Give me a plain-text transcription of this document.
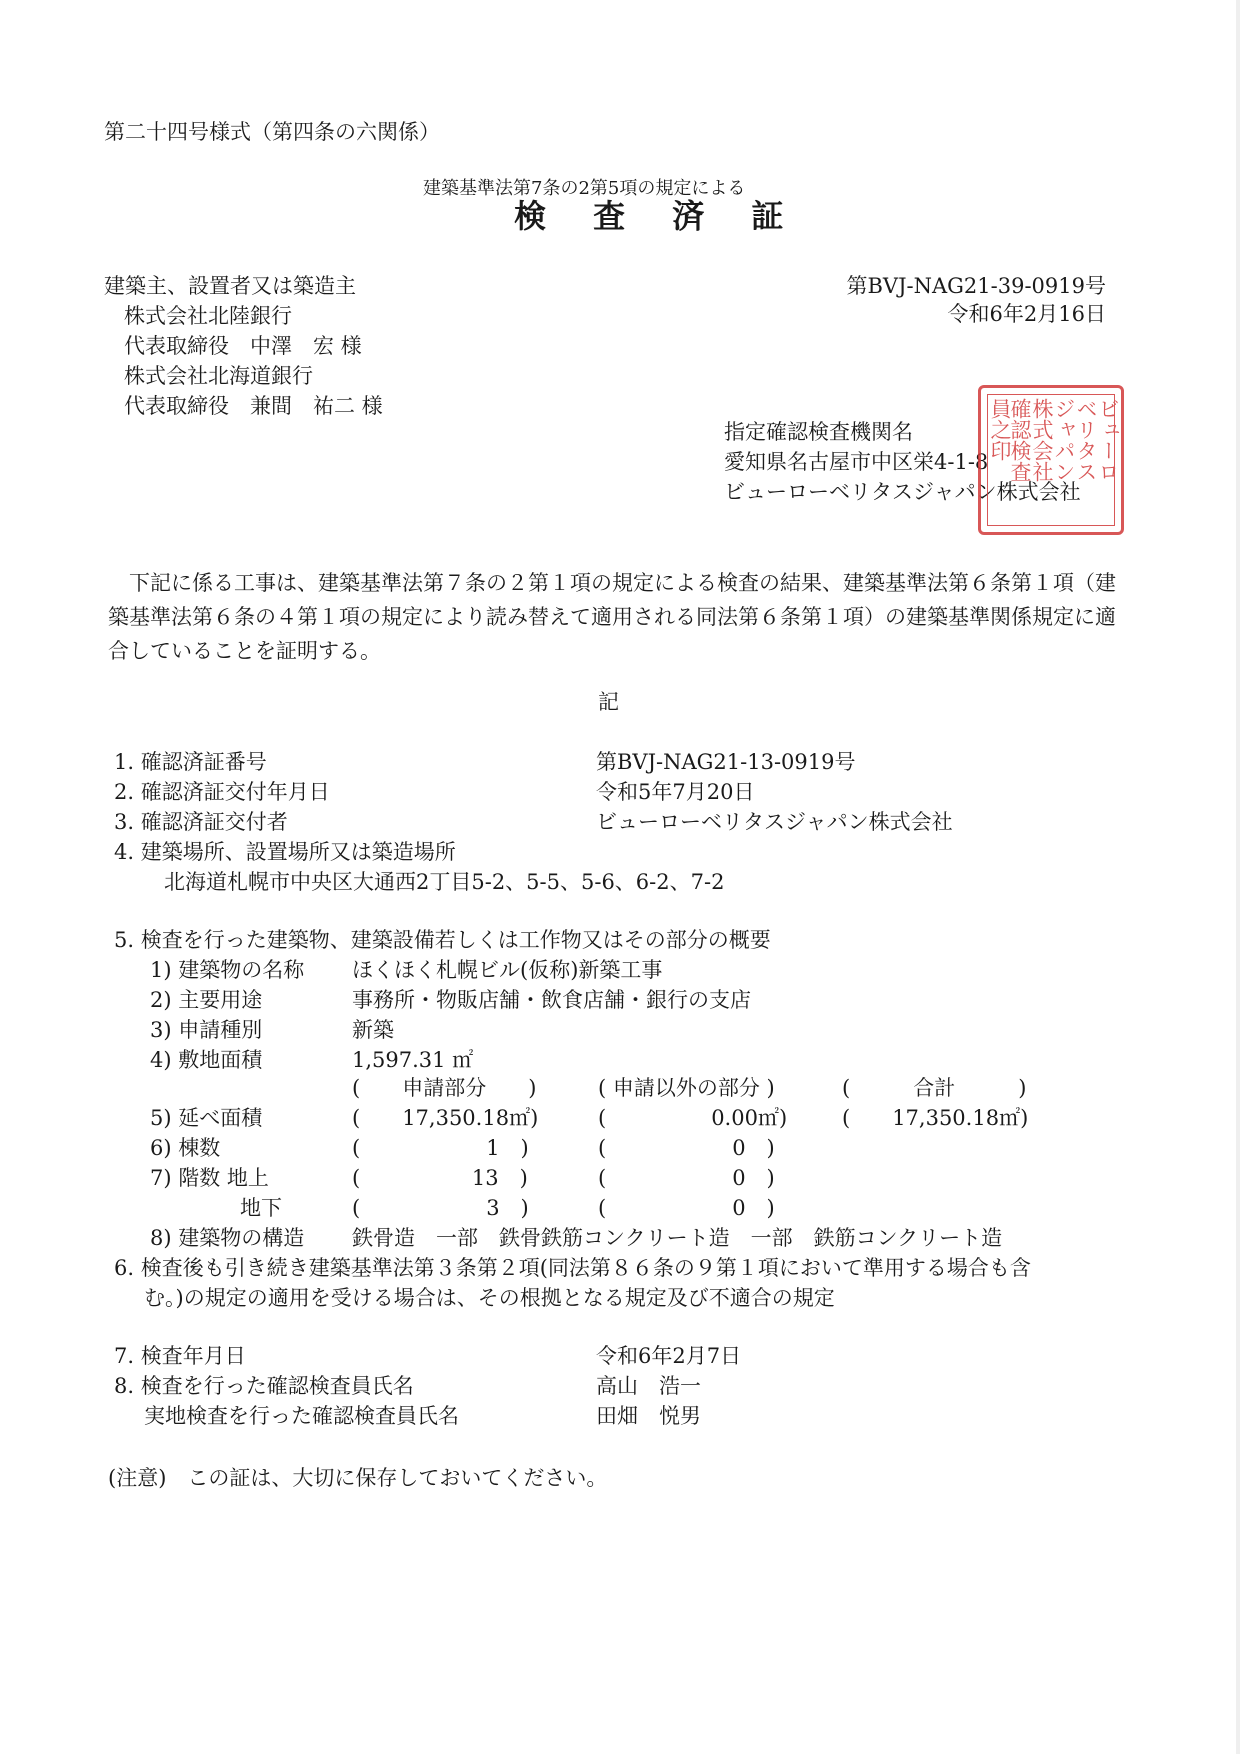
第二十四号様式（第四条の六関係）
建築基準法第7条の2第5項の規定による
検 査 済 証
建築主、設置者又は築造主
株式会社北陸銀行
代表取締役　中澤　宏 様
株式会社北海道銀行
代表取締役　兼間　祐二 様
第BVJ-NAG21-39-0919号
令和6年2月16日
指定確認検査機関名
愛知県名古屋市中区栄4-1-8
ビューローベリタスジャパン株式会社
ビューロ
ベリタス
ジャパン
株式会社
確認検査
員之印
下記に係る工事は、建築基準法第７条の２第１項の規定による検査の結果、建築基準法第６条第１項（建築基準法第６条の４第１項の規定により読み替えて適用される同法第６条第１項）の建築基準関係規定に適合していることを証明する。
記
1. 確認済証番号	第BVJ-NAG21-13-0919号
2. 確認済証交付年月日	令和5年7月20日
3. 確認済証交付者	ビューローベリタスジャパン株式会社
4. 建築場所、設置場所又は築造場所
北海道札幌市中央区大通西2丁目5-2、5-5、5-6、6-2、7-2
5. 検査を行った建築物、建築設備若しくは工作物又はその部分の概要
1) 建築物の名称 ほくほく札幌ビル(仮称)新築工事
2) 主要用途	事務所・物販店舗・飲食店舗・銀行の支店
3) 申請種別	新築
4) 敷地面積	1,597.31 ㎡
(　　申請部分　　)	( 申請以外の部分 )	(　　　合計　　　)
5) 延べ面積	(　　17,350.18㎡)	(　　　　　0.00㎡)	(　　17,350.18㎡)
6) 棟数	(　　　　　　1　)	(　　　　　　0　)
7) 階数 地上	(　　　　　 13　)	(　　　　　　0　)
地下	(　　　　　　3　)	(　　　　　　0　)
8) 建築物の構造 鉄骨造　一部　鉄骨鉄筋コンクリート造　一部　鉄筋コンクリート造
6. 検査後も引き続き建築基準法第３条第２項(同法第８６条の９第１項において準用する場合も含
む。)の規定の適用を受ける場合は、その根拠となる規定及び不適合の規定
7. 検査年月日	令和6年2月7日
8. 検査を行った確認検査員氏名	高山　浩一
実地検査を行った確認検査員氏名	田畑　悦男
(注意)　この証は、大切に保存しておいてください。
